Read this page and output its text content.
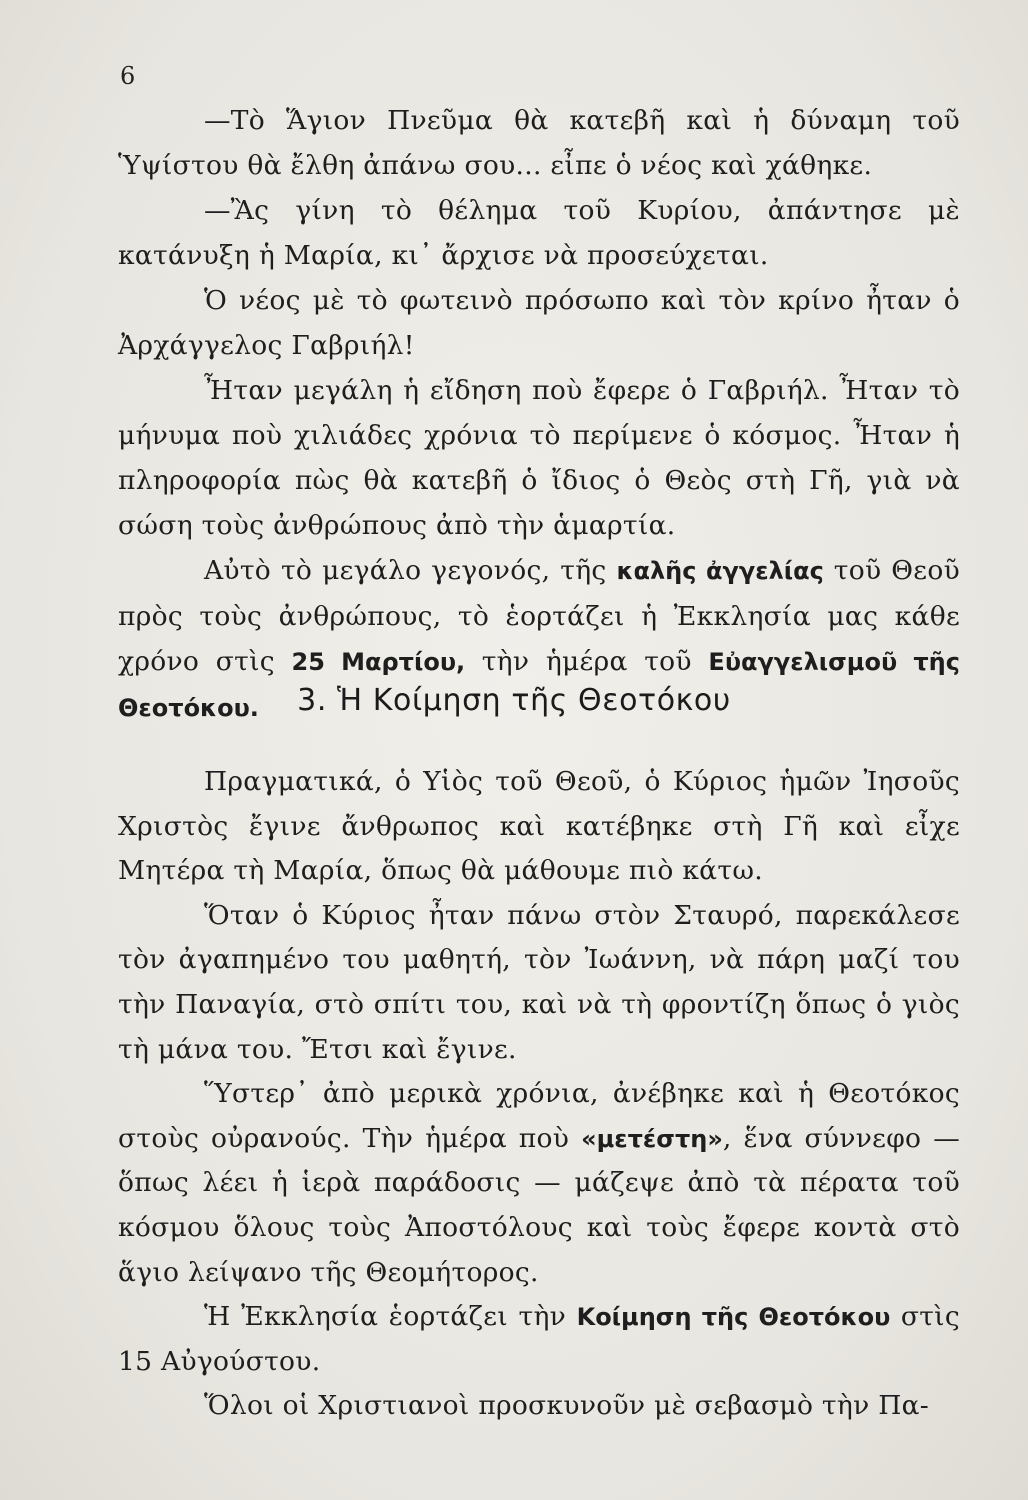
6

—Τὸ Ἅγιον Πνεῦμα θὰ κατεβῆ καὶ ἡ δύναμη τοῦ Ὑψίστου θὰ ἔλθη ἀπάνω σου... εἶπε ὁ νέος καὶ χάθηκε.

—Ἂς γίνη τὸ θέλημα τοῦ Κυρίου, ἀπάντησε μὲ κατάνυξη ἡ Μαρία, κι᾿ ἄρχισε νὰ προσεύχεται.

Ὁ νέος μὲ τὸ φωτεινὸ πρόσωπο καὶ τὸν κρίνο ἦταν ὁ Ἀρχάγγελος Γαβριήλ!

Ἦταν μεγάλη ἡ εἴδηση ποὺ ἔφερε ὁ Γαβριήλ. Ἦταν τὸ μήνυμα ποὺ χιλιάδες χρόνια τὸ περίμενε ὁ κόσμος. Ἦταν ἡ πληροφορία πὼς θὰ κατεβῆ ὁ ἴδιος ὁ Θεὸς στὴ Γῆ, γιὰ νὰ σώση τοὺς ἀνθρώπους ἀπὸ τὴν ἁμαρτία.

Αὐτὸ τὸ μεγάλο γεγονός, τῆς καλῆς ἀγγελίας τοῦ Θεοῦ πρὸς τοὺς ἀνθρώπους, τὸ ἑορτάζει ἡ Ἐκκλησία μας κάθε χρόνο στὶς 25 Μαρτίου, τὴν ἡμέρα τοῦ Εὐαγγελισμοῦ τῆς Θεοτόκου.	3. Ἡ Κοίμηση τῆς Θεοτόκου

Πραγματικά, ὁ Υἱὸς τοῦ Θεοῦ, ὁ Κύριος ἡμῶν Ἰησοῦς Χριστὸς ἔγινε ἄνθρωπος καὶ κατέβηκε στὴ Γῆ καὶ εἶχε Μητέρα τὴ Μαρία, ὅπως θὰ μάθουμε πιὸ κάτω.

Ὅταν ὁ Κύριος ἦταν πάνω στὸν Σταυρό, παρεκάλεσε τὸν ἀγαπημένο του μαθητή, τὸν Ἰωάννη, νὰ πάρη μαζί του τὴν Παναγία, στὸ σπίτι του, καὶ νὰ τὴ φροντίζη ὅπως ὁ γιὸς τὴ μάνα του. Ἔτσι καὶ ἔγινε.

Ὕστερ᾿ ἀπὸ μερικὰ χρόνια, ἀνέβηκε καὶ ἡ Θεοτόκος στοὺς οὐρανούς. Τὴν ἡμέρα ποὺ «μετέστη», ἕνα σύννεφο — ὅπως λέει ἡ ἱερὰ παράδοσις — μάζεψε ἀπὸ τὰ πέρατα τοῦ κόσμου ὅλους τοὺς Ἀποστόλους καὶ τοὺς ἔφερε κοντὰ στὸ ἅγιο λείψανο τῆς Θεομήτορος.

Ἡ Ἐκκλησία ἑορτάζει τὴν Κοίμηση τῆς Θεοτόκου στὶς 15 Αὐγούστου.

Ὅλοι οἱ Χριστιανοὶ προσκυνοῦν μὲ σεβασμὸ τὴν Πα-
